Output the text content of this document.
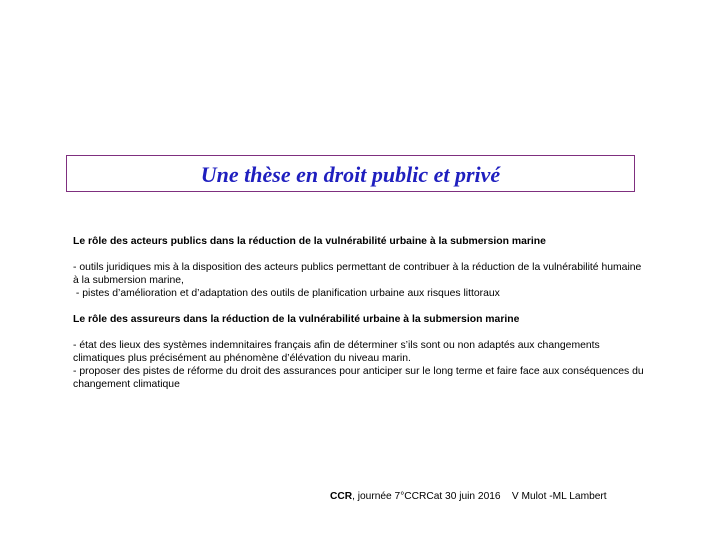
Une thèse en droit public et privé
Le rôle des acteurs publics dans la réduction de la vulnérabilité urbaine à la submersion marine

- outils juridiques mis à la disposition des acteurs publics permettant de contribuer à la réduction de la vulnérabilité humaine à la submersion marine,

- pistes d’amélioration et d’adaptation des outils de planification urbaine aux risques littoraux

Le rôle des assureurs dans la réduction de la vulnérabilité urbaine à la submersion marine

- état des lieux des systèmes indemnitaires français afin de déterminer s’ils sont ou non adaptés aux changements climatiques plus précisément au phénomène d’élévation du niveau marin.

- proposer des pistes de réforme du droit des assurances pour anticiper sur le long terme et faire face aux conséquences du changement climatique

CCR, journée 7°CCRCat 30 juin 2016    V Mulot -ML Lambert
